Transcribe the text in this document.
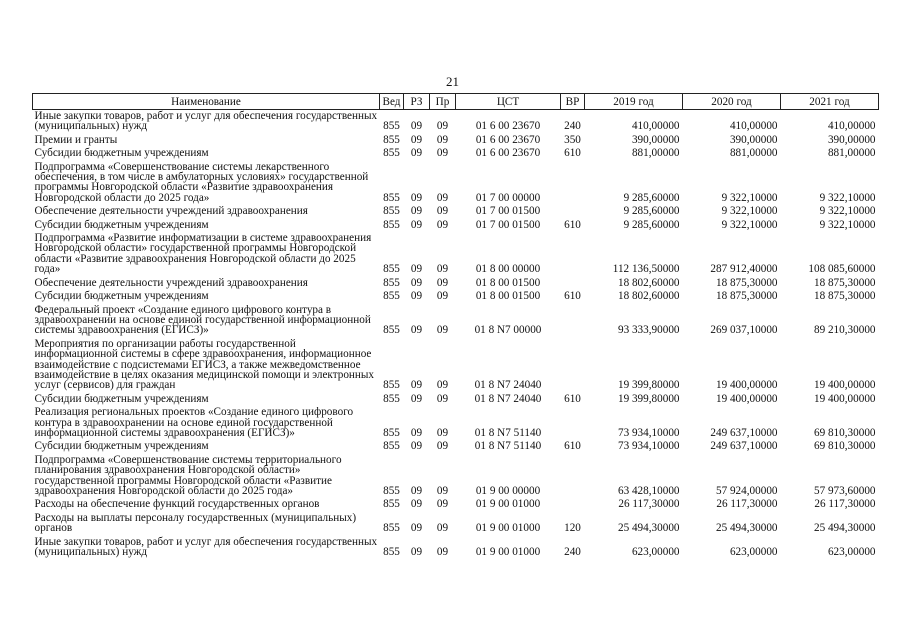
21
Наименование	Вед	РЗ	Пр	ЦСТ	ВР	2019 год	2020 год	2021 год
Иные закупки товаров, работ и услуг для обеспечения государственных (муниципальных) нужд	855	09	09	01 6 00 23670	240	410,00000	410,00000	410,00000
Премии и гранты	855	09	09	01 6 00 23670	350	390,00000	390,00000	390,00000
Субсидии бюджетным учреждениям	855	09	09	01 6 00 23670	610	881,00000	881,00000	881,00000
Подпрограмма «Совершенствование системы лекарственного обеспечения, в том числе в амбулаторных условиях» государственной программы Новгородской области «Развитие здравоохранения Новгородской области до 2025 года»	855	09	09	01 7 00 00000		9 285,60000	9 322,10000	9 322,10000
Обеспечение деятельности учреждений здравоохранения	855	09	09	01 7 00 01500		9 285,60000	9 322,10000	9 322,10000
Субсидии бюджетным учреждениям	855	09	09	01 7 00 01500	610	9 285,60000	9 322,10000	9 322,10000
Подпрограмма «Развитие информатизации в системе здравоохранения Новгородской области» государственной программы Новгородской области «Развитие здравоохранения Новгородской области до 2025 года»	855	09	09	01 8 00 00000		112 136,50000	287 912,40000	108 085,60000
Обеспечение деятельности учреждений здравоохранения	855	09	09	01 8 00 01500		18 802,60000	18 875,30000	18 875,30000
Субсидии бюджетным учреждениям	855	09	09	01 8 00 01500	610	18 802,60000	18 875,30000	18 875,30000
Федеральный проект «Создание единого цифрового контура в здравоохранении на основе единой государственной информационной системы здравоохранения (ЕГИСЗ)»	855	09	09	01 8 N7 00000		93 333,90000	269 037,10000	89 210,30000
Мероприятия по организации работы государственной информационной системы в сфере здравоохранения, информационное взаимодействие с подсистемами ЕГИСЗ, а также межведомственное взаимодействие в целях оказания медицинской помощи и электронных услуг (сервисов) для граждан	855	09	09	01 8 N7 24040		19 399,80000	19 400,00000	19 400,00000
Субсидии бюджетным учреждениям	855	09	09	01 8 N7 24040	610	19 399,80000	19 400,00000	19 400,00000
Реализация региональных проектов «Создание единого цифрового контура в здравоохранении на основе единой государственной информационной системы здравоохранения (ЕГИСЗ)»	855	09	09	01 8 N7 51140		73 934,10000	249 637,10000	69 810,30000
Субсидии бюджетным учреждениям	855	09	09	01 8 N7 51140	610	73 934,10000	249 637,10000	69 810,30000
Подпрограмма «Совершенствование системы территориального планирования здравоохранения Новгородской области» государственной программы Новгородской области «Развитие здравоохранения Новгородской области до 2025 года»	855	09	09	01 9 00 00000		63 428,10000	57 924,00000	57 973,60000
Расходы на обеспечение функций государственных органов	855	09	09	01 9 00 01000		26 117,30000	26 117,30000	26 117,30000
Расходы на выплаты персоналу государственных (муниципальных) органов	855	09	09	01 9 00 01000	120	25 494,30000	25 494,30000	25 494,30000
Иные закупки товаров, работ и услуг для обеспечения государственных (муниципальных) нужд	855	09	09	01 9 00 01000	240	623,00000	623,00000	623,00000
